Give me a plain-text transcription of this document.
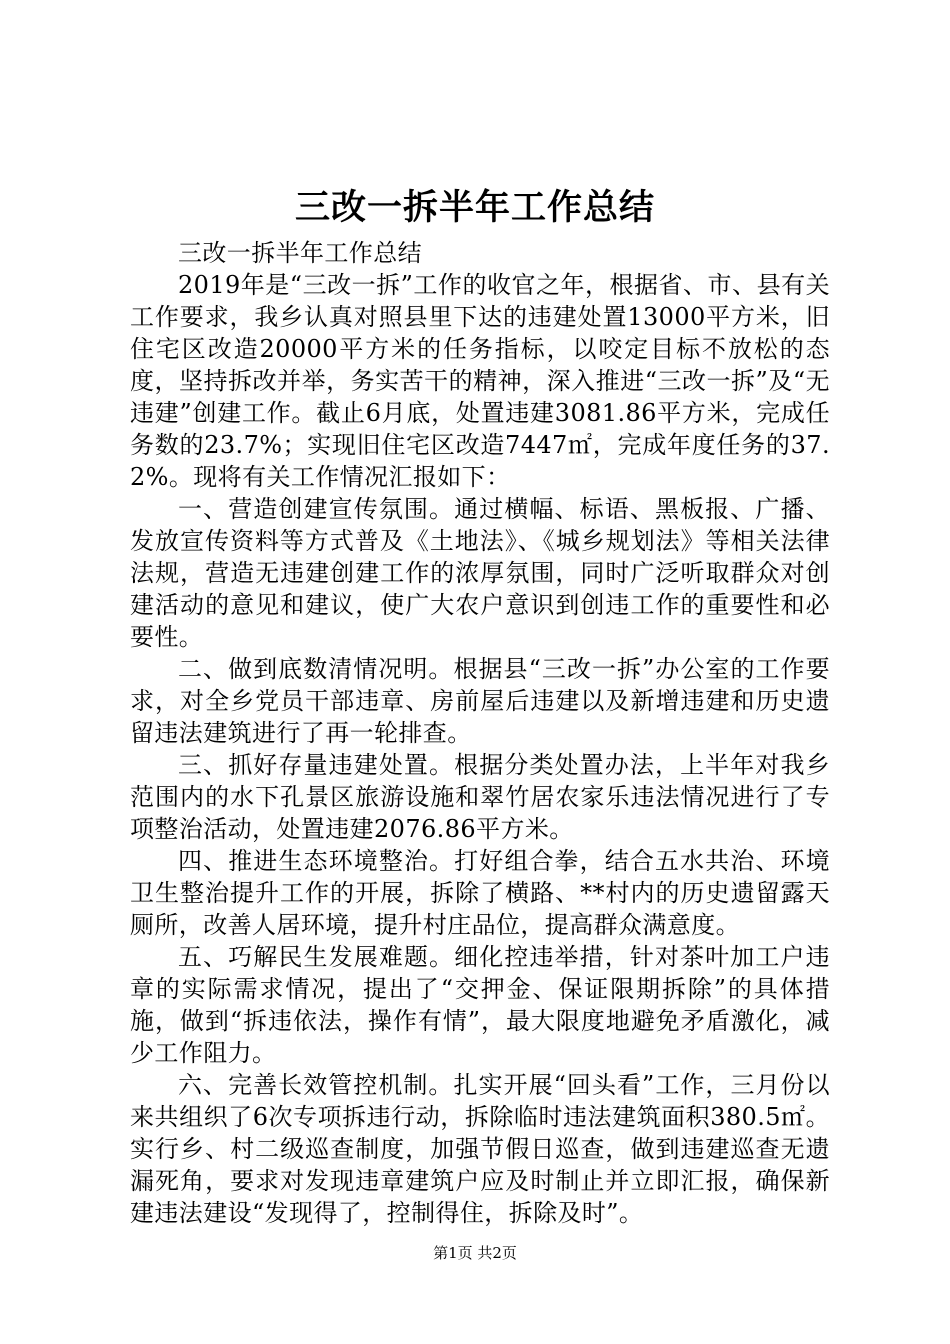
三改一拆半年工作总结

三改一拆半年工作总结

2019年是“三改一拆”工作的收官之年，根据省、市、县有关工作要求，我乡认真对照县里下达的违建处置13000平方米，旧住宅区改造20000平方米的任务指标，以咬定目标不放松的态度，坚持拆改并举，务实苦干的精神，深入推进“三改一拆”及“无违建”创建工作。截止6月底，处置违建3081.86平方米，完成任务数的23.7%；实现旧住宅区改造7447㎡，完成年度任务的37.2%。现将有关工作情况汇报如下：

一、营造创建宣传氛围。通过横幅、标语、黑板报、广播、发放宣传资料等方式普及《土地法》、《城乡规划法》等相关法律法规，营造无违建创建工作的浓厚氛围，同时广泛听取群众对创建活动的意见和建议，使广大农户意识到创违工作的重要性和必要性。

二、做到底数清情况明。根据县“三改一拆”办公室的工作要求，对全乡党员干部违章、房前屋后违建以及新增违建和历史遗留违法建筑进行了再一轮排查。

三、抓好存量违建处置。根据分类处置办法，上半年对我乡范围内的水下孔景区旅游设施和翠竹居农家乐违法情况进行了专项整治活动，处置违建2076.86平方米。

四、推进生态环境整治。打好组合拳，结合五水共治、环境卫生整治提升工作的开展，拆除了横路、**村内的历史遗留露天厕所，改善人居环境，提升村庄品位，提高群众满意度。

五、巧解民生发展难题。细化控违举措，针对茶叶加工户违章的实际需求情况，提出了“交押金、保证限期拆除”的具体措施，做到“拆违依法，操作有情”，最大限度地避免矛盾激化，减少工作阻力。

六、完善长效管控机制。扎实开展“回头看”工作，三月份以来共组织了6次专项拆违行动，拆除临时违法建筑面积380.5㎡。实行乡、村二级巡查制度，加强节假日巡查，做到违建巡查无遗漏死角，要求对发现违章建筑户应及时制止并立即汇报，确保新建违法建设“发现得了，控制得住，拆除及时”。

第1页 共2页
